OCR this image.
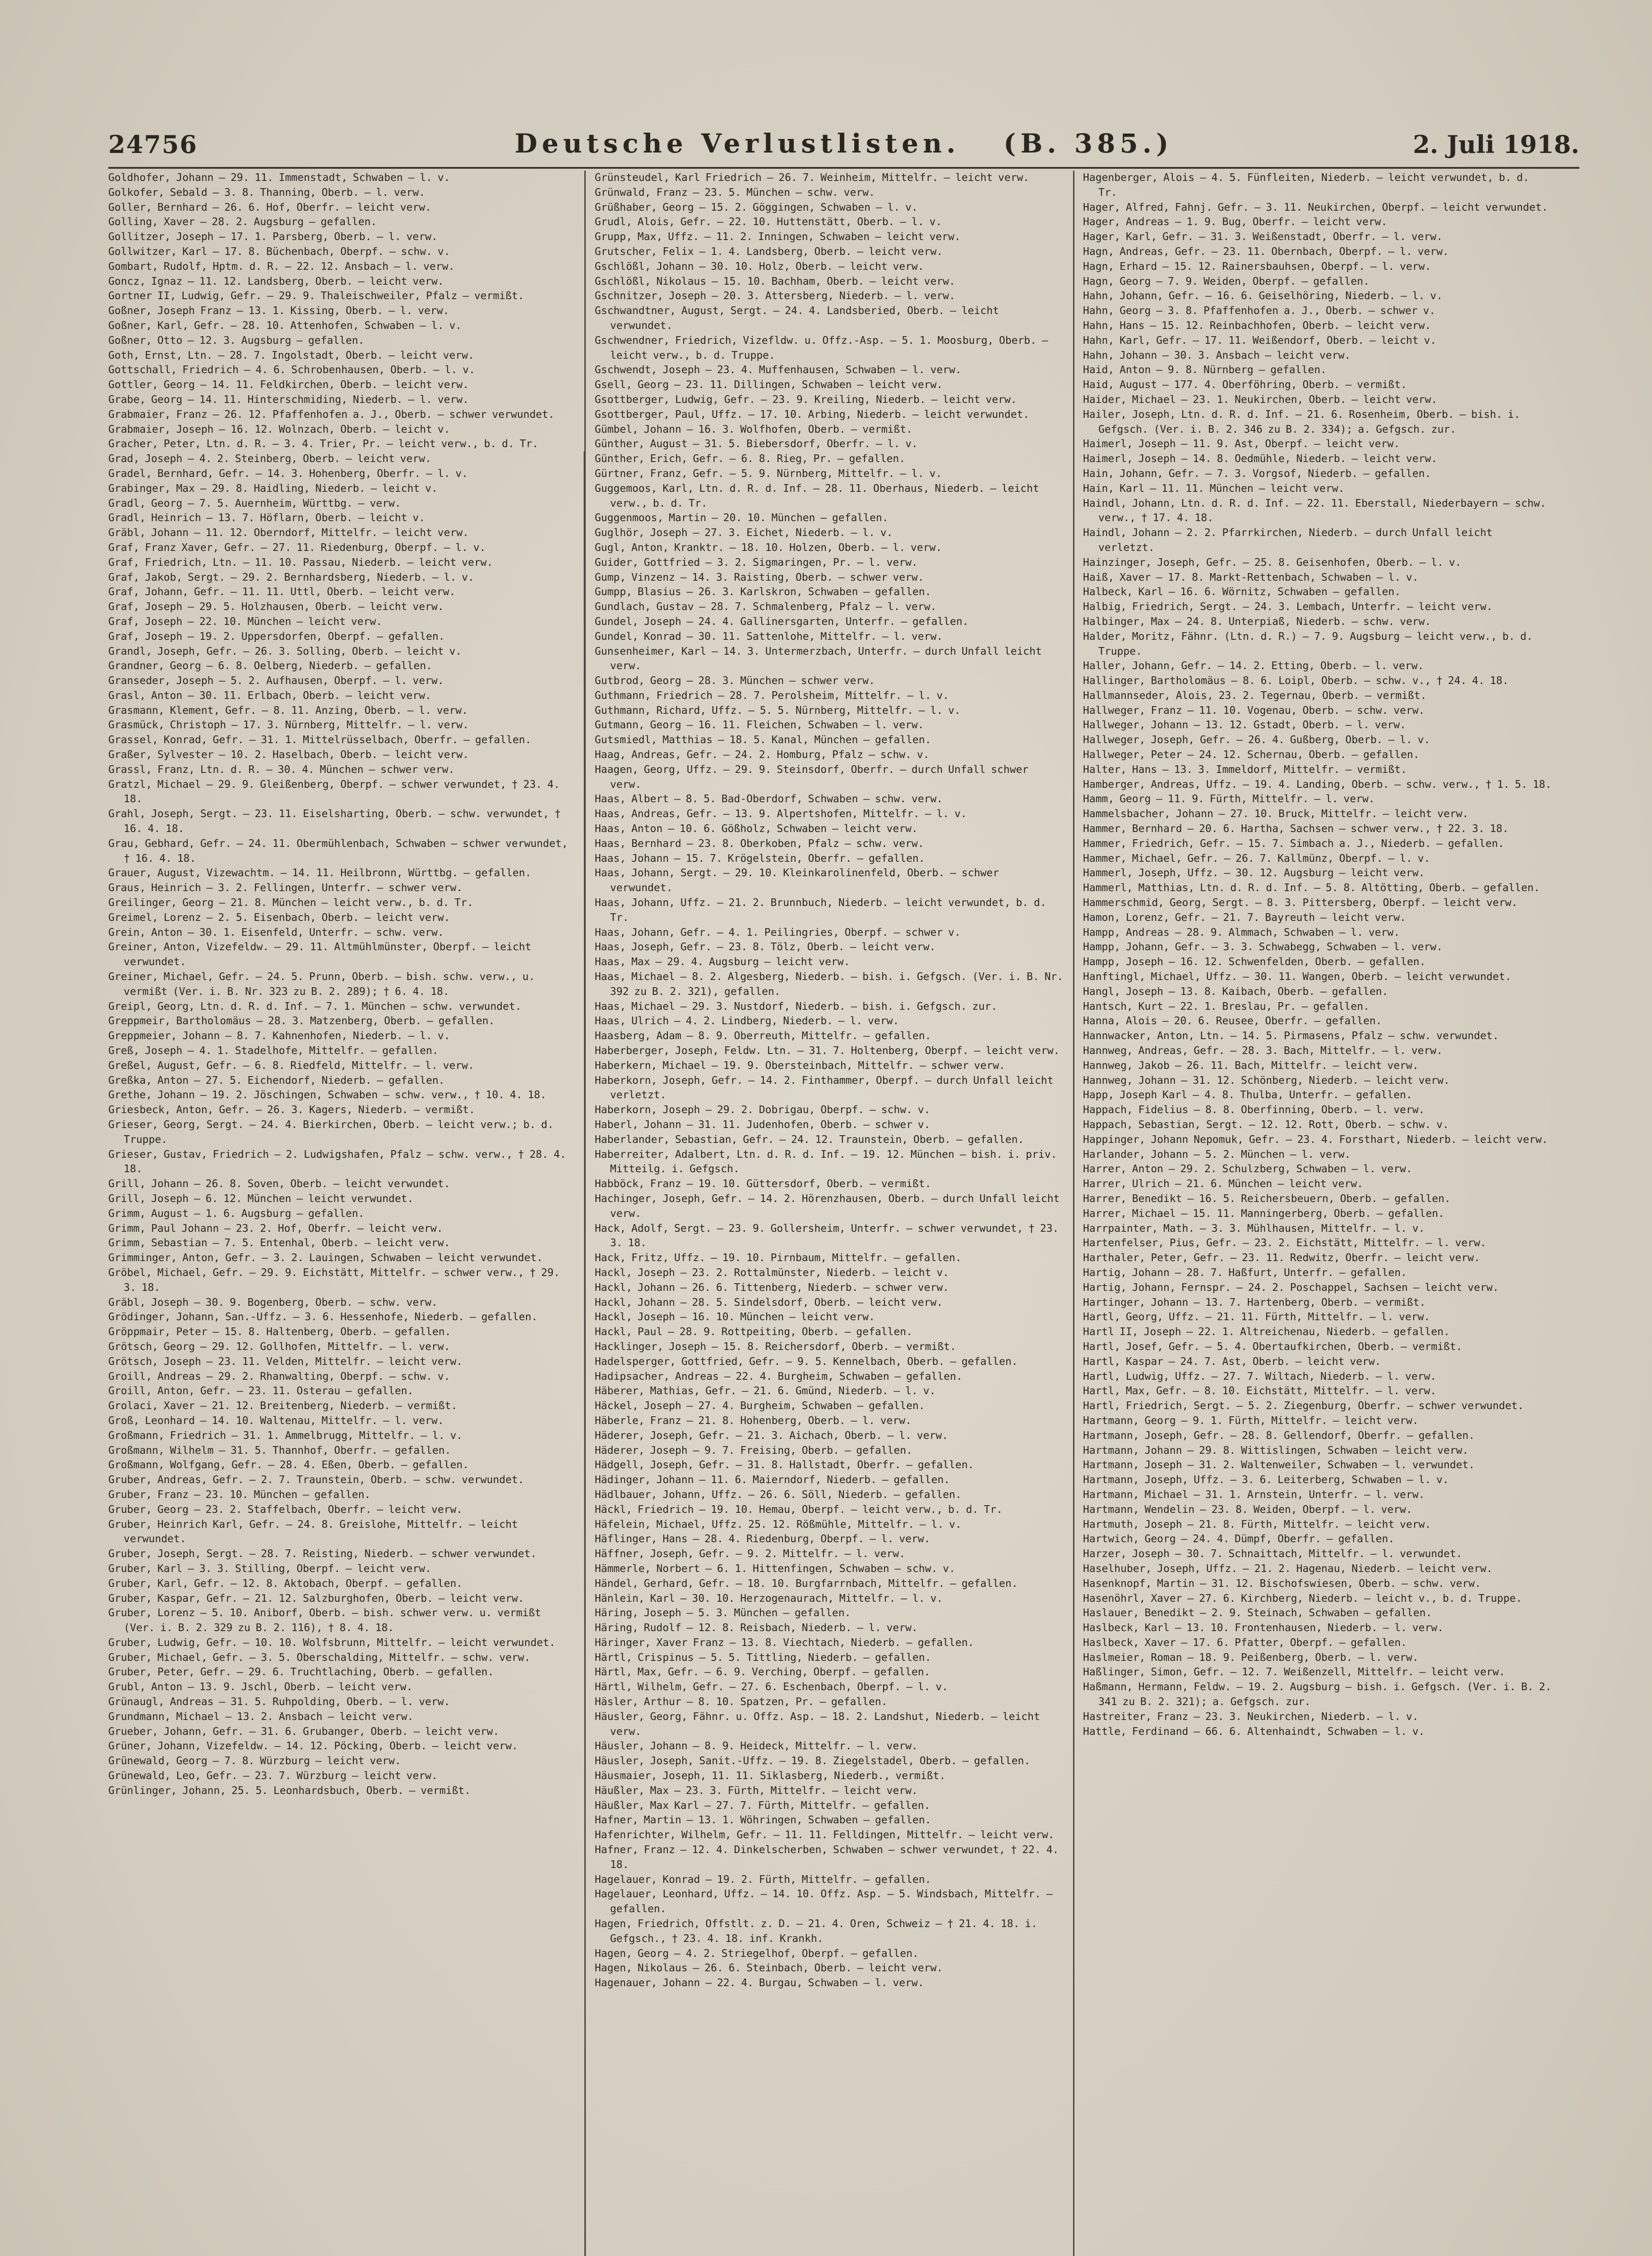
24756	Deutsche Verlustlisten. (B. 385.)	2. Juli 1918.

Goldhofer, Johann — 29. 11. Immenstadt, Schwaben — l. v.

Golkofer, Sebald — 3. 8. Thanning, Oberb. — l. verw.

Goller, Bernhard — 26. 6. Hof, Oberfr. — leicht verw.

Golling, Xaver — 28. 2. Augsburg — gefallen.

Gollitzer, Joseph — 17. 1. Parsberg, Oberb. — l. verw.

Gollwitzer, Karl — 17. 8. Büchenbach, Oberpf. — schw. v.

Gombart, Rudolf, Hptm. d. R. — 22. 12. Ansbach — l. verw.

Goncz, Ignaz — 11. 12. Landsberg, Oberb. — leicht verw.

Gortner II, Ludwig, Gefr. — 29. 9. Thaleischweiler, Pfalz — vermißt.

Goßner, Joseph Franz — 13. 1. Kissing, Oberb. — l. verw.

Goßner, Karl, Gefr. — 28. 10. Attenhofen, Schwaben — l. v.

Goßner, Otto — 12. 3. Augsburg — gefallen.

Goth, Ernst, Ltn. — 28. 7. Ingolstadt, Oberb. — leicht verw.

Gottschall, Friedrich — 4. 6. Schrobenhausen, Oberb. — l. v.

Gottler, Georg — 14. 11. Feldkirchen, Oberb. — leicht verw.

Grabe, Georg — 14. 11. Hinterschmiding, Niederb. — l. verw.

Grabmaier, Franz — 26. 12. Pfaffenhofen a. J., Oberb. — schwer verwundet.

Grabmaier, Joseph — 16. 12. Wolnzach, Oberb. — leicht v.

Gracher, Peter, Ltn. d. R. — 3. 4. Trier, Pr. — leicht verw., b. d. Tr.

Grad, Joseph — 4. 2. Steinberg, Oberb. — leicht verw.

Gradel, Bernhard, Gefr. — 14. 3. Hohenberg, Oberfr. — l. v.

Grabinger, Max — 29. 8. Haidling, Niederb. — leicht v.

Gradl, Georg — 7. 5. Auernheim, Württbg. — verw.

Gradl, Heinrich — 13. 7. Höflarn, Oberb. — leicht v.

Gräbl, Johann — 11. 12. Oberndorf, Mittelfr. — leicht verw.

Graf, Franz Xaver, Gefr. — 27. 11. Riedenburg, Oberpf. — l. v.

Graf, Friedrich, Ltn. — 11. 10. Passau, Niederb. — leicht verw.

Graf, Jakob, Sergt. — 29. 2. Bernhardsberg, Niederb. — l. v.

Graf, Johann, Gefr. — 11. 11. Uttl, Oberb. — leicht verw.

Graf, Joseph — 29. 5. Holzhausen, Oberb. — leicht verw.

Graf, Joseph — 22. 10. München — leicht verw.

Graf, Joseph — 19. 2. Uppersdorfen, Oberpf. — gefallen.

Grandl, Joseph, Gefr. — 26. 3. Solling, Oberb. — leicht v.

Grandner, Georg — 6. 8. Oelberg, Niederb. — gefallen.

Granseder, Joseph — 5. 2. Aufhausen, Oberpf. — l. verw.

Grasl, Anton — 30. 11. Erlbach, Oberb. — leicht verw.

Grasmann, Klement, Gefr. — 8. 11. Anzing, Oberb. — l. verw.

Grasmück, Christoph — 17. 3. Nürnberg, Mittelfr. — l. verw.

Grassel, Konrad, Gefr. — 31. 1. Mittelrüsselbach, Oberfr. — gefallen.

Graßer, Sylvester — 10. 2. Haselbach, Oberb. — leicht verw.

Grassl, Franz, Ltn. d. R. — 30. 4. München — schwer verw.

Gratzl, Michael — 29. 9. Gleißenberg, Oberpf. — schwer verwundet, † 23. 4. 18.

Grahl, Joseph, Sergt. — 23. 11. Eiselsharting, Oberb. — schw. verwundet, † 16. 4. 18.

Grau, Gebhard, Gefr. — 24. 11. Obermühlenbach, Schwaben — schwer verwundet, † 16. 4. 18.

Grauer, August, Vizewachtm. — 14. 11. Heilbronn, Württbg. — gefallen.

Graus, Heinrich — 3. 2. Fellingen, Unterfr. — schwer verw.

Greilinger, Georg — 21. 8. München — leicht verw., b. d. Tr.

Greimel, Lorenz — 2. 5. Eisenbach, Oberb. — leicht verw.

Grein, Anton — 30. 1. Eisenfeld, Unterfr. — schw. verw.

Greiner, Anton, Vizefeldw. — 29. 11. Altmühlmünster, Oberpf. — leicht verwundet.

Greiner, Michael, Gefr. — 24. 5. Prunn, Oberb. — bish. schw. verw., u. vermißt (Ver. i. B. Nr. 323 zu B. 2. 289); † 6. 4. 18.

Greipl, Georg, Ltn. d. R. d. Inf. — 7. 1. München — schw. verwundet.

Greppmeir, Bartholomäus — 28. 3. Matzenberg, Oberb. — gefallen.

Greppmeier, Johann — 8. 7. Kahnenhofen, Niederb. — l. v.

Greß, Joseph — 4. 1. Stadelhofe, Mittelfr. — gefallen.

Greßel, August, Gefr. — 6. 8. Riedfeld, Mittelfr. — l. verw.

Greßka, Anton — 27. 5. Eichendorf, Niederb. — gefallen.

Grethe, Johann — 19. 2. Jöschingen, Schwaben — schw. verw., † 10. 4. 18.

Griesbeck, Anton, Gefr. — 26. 3. Kagers, Niederb. — vermißt.

Grieser, Georg, Sergt. — 24. 4. Bierkirchen, Oberb. — leicht verw.; b. d. Truppe.

Grieser, Gustav, Friedrich — 2. Ludwigshafen, Pfalz — schw. verw., † 28. 4. 18.

Grill, Johann — 26. 8. Soven, Oberb. — leicht verwundet.

Grill, Joseph — 6. 12. München — leicht verwundet.

Grimm, August — 1. 6. Augsburg — gefallen.

Grimm, Paul Johann — 23. 2. Hof, Oberfr. — leicht verw.

Grimm, Sebastian — 7. 5. Entenhal, Oberb. — leicht verw.

Grimminger, Anton, Gefr. — 3. 2. Lauingen, Schwaben — leicht verwundet.

Gröbel, Michael, Gefr. — 29. 9. Eichstätt, Mittelfr. — schwer verw., † 29. 3. 18.

Gräbl, Joseph — 30. 9. Bogenberg, Oberb. — schw. verw.

Grödinger, Johann, San.-Uffz. — 3. 6. Hessenhofe, Niederb. — gefallen.

Gröppmair, Peter — 15. 8. Haltenberg, Oberb. — gefallen.

Grötsch, Georg — 29. 12. Gollhofen, Mittelfr. — l. verw.

Grötsch, Joseph — 23. 11. Velden, Mittelfr. — leicht verw.

Groill, Andreas — 29. 2. Rhanwalting, Oberpf. — schw. v.

Groill, Anton, Gefr. — 23. 11. Osterau — gefallen.

Grolaci, Xaver — 21. 12. Breitenberg, Niederb. — vermißt.

Groß, Leonhard — 14. 10. Waltenau, Mittelfr. — l. verw.

Großmann, Friedrich — 31. 1. Ammelbrugg, Mittelfr. — l. v.

Großmann, Wilhelm — 31. 5. Thannhof, Oberfr. — gefallen.

Großmann, Wolfgang, Gefr. — 28. 4. Eßen, Oberb. — gefallen.

Gruber, Andreas, Gefr. — 2. 7. Traunstein, Oberb. — schw. verwundet.

Gruber, Franz — 23. 10. München — gefallen.

Gruber, Georg — 23. 2. Staffelbach, Oberfr. — leicht verw.

Gruber, Heinrich Karl, Gefr. — 24. 8. Greislohe, Mittelfr. — leicht verwundet.

Gruber, Joseph, Sergt. — 28. 7. Reisting, Niederb. — schwer verwundet.

Gruber, Karl — 3. 3. Stilling, Oberpf. — leicht verw.

Gruber, Karl, Gefr. — 12. 8. Aktobach, Oberpf. — gefallen.

Gruber, Kaspar, Gefr. — 21. 12. Salzburghofen, Oberb. — leicht verw.

Gruber, Lorenz — 5. 10. Aniborf, Oberb. — bish. schwer verw. u. vermißt (Ver. i. B. 2. 329 zu B. 2. 116), † 8. 4. 18.

Gruber, Ludwig, Gefr. — 10. 10. Wolfsbrunn, Mittelfr. — leicht verwundet.

Gruber, Michael, Gefr. — 3. 5. Oberschalding, Mittelfr. — schw. verw.

Gruber, Peter, Gefr. — 29. 6. Truchtlaching, Oberb. — gefallen.

Grubl, Anton — 13. 9. Jschl, Oberb. — leicht verw.

Grünaugl, Andreas — 31. 5. Ruhpolding, Oberb. — l. verw.

Grundmann, Michael — 13. 2. Ansbach — leicht verw.

Grueber, Johann, Gefr. — 31. 6. Grubanger, Oberb. — leicht verw.

Grüner, Johann, Vizefeldw. — 14. 12. Pöcking, Oberb. — leicht verw.

Grünewald, Georg — 7. 8. Würzburg — leicht verw.

Grünewald, Leo, Gefr. — 23. 7. Würzburg — leicht verw.

Grünlinger, Johann, 25. 5. Leonhardsbuch, Oberb. — vermißt.

Grünsteudel, Karl Friedrich — 26. 7. Weinheim, Mittelfr. — leicht verw.

Grünwald, Franz — 23. 5. München — schw. verw.

Grüßhaber, Georg — 15. 2. Göggingen, Schwaben — l. v.

Grudl, Alois, Gefr. — 22. 10. Huttenstätt, Oberb. — l. v.

Grupp, Max, Uffz. — 11. 2. Inningen, Schwaben — leicht verw.

Grutscher, Felix — 1. 4. Landsberg, Oberb. — leicht verw.

Gschlößl, Johann — 30. 10. Holz, Oberb. — leicht verw.

Gschlößl, Nikolaus — 15. 10. Bachham, Oberb. — leicht verw.

Gschnitzer, Joseph — 20. 3. Attersberg, Niederb. — l. verw.

Gschwandtner, August, Sergt. — 24. 4. Landsberied, Oberb. — leicht verwundet.

Gschwendner, Friedrich, Vizefldw. u. Offz.-Asp. — 5. 1. Moosburg, Oberb. — leicht verw., b. d. Truppe.

Gschwendt, Joseph — 23. 4. Muffenhausen, Schwaben — l. verw.

Gsell, Georg — 23. 11. Dillingen, Schwaben — leicht verw.

Gsottberger, Ludwig, Gefr. — 23. 9. Kreiling, Niederb. — leicht verw.

Gsottberger, Paul, Uffz. — 17. 10. Arbing, Niederb. — leicht verwundet.

Gümbel, Johann — 16. 3. Wolfhofen, Oberb. — vermißt.

Günther, August — 31. 5. Biebersdorf, Oberfr. — l. v.

Günther, Erich, Gefr. — 6. 8. Rieg, Pr. — gefallen.

Gürtner, Franz, Gefr. — 5. 9. Nürnberg, Mittelfr. — l. v.

Guggemoos, Karl, Ltn. d. R. d. Inf. — 28. 11. Oberhaus, Niederb. — leicht verw., b. d. Tr.

Guggenmoos, Martin — 20. 10. München — gefallen.

Guglhör, Joseph — 27. 3. Eichet, Niederb. — l. v.

Gugl, Anton, Kranktr. — 18. 10. Holzen, Oberb. — l. verw.

Guider, Gottfried — 3. 2. Sigmaringen, Pr. — l. verw.

Gump, Vinzenz — 14. 3. Raisting, Oberb. — schwer verw.

Gumpp, Blasius — 26. 3. Karlskron, Schwaben — gefallen.

Gundlach, Gustav — 28. 7. Schmalenberg, Pfalz — l. verw.

Gundel, Joseph — 24. 4. Gallinersgarten, Unterfr. — gefallen.

Gundel, Konrad — 30. 11. Sattenlohe, Mittelfr. — l. verw.

Gunsenheimer, Karl — 14. 3. Untermerzbach, Unterfr. — durch Unfall leicht verw.

Gutbrod, Georg — 28. 3. München — schwer verw.

Guthmann, Friedrich — 28. 7. Perolsheim, Mittelfr. — l. v.

Guthmann, Richard, Uffz. — 5. 5. Nürnberg, Mittelfr. — l. v.

Gutmann, Georg — 16. 11. Fleichen, Schwaben — l. verw.

Gutsmiedl, Matthias — 18. 5. Kanal, München — gefallen.

Haag, Andreas, Gefr. — 24. 2. Homburg, Pfalz — schw. v.

Haagen, Georg, Uffz. — 29. 9. Steinsdorf, Oberfr. — durch Unfall schwer verw.

Haas, Albert — 8. 5. Bad-Oberdorf, Schwaben — schw. verw.

Haas, Andreas, Gefr. — 13. 9. Alpertshofen, Mittelfr. — l. v.

Haas, Anton — 10. 6. Gößholz, Schwaben — leicht verw.

Haas, Bernhard — 23. 8. Oberkoben, Pfalz — schw. verw.

Haas, Johann — 15. 7. Krögelstein, Oberfr. — gefallen.

Haas, Johann, Sergt. — 29. 10. Kleinkarolinenfeld, Oberb. — schwer verwundet.

Haas, Johann, Uffz. — 21. 2. Brunnbuch, Niederb. — leicht verwundet, b. d. Tr.

Haas, Johann, Gefr. — 4. 1. Peilingries, Oberpf. — schwer v.

Haas, Joseph, Gefr. — 23. 8. Tölz, Oberb. — leicht verw.

Haas, Max — 29. 4. Augsburg — leicht verw.

Haas, Michael — 8. 2. Algesberg, Niederb. — bish. i. Gefgsch. (Ver. i. B. Nr. 392 zu B. 2. 321), gefallen.

Haas, Michael — 29. 3. Nustdorf, Niederb. — bish. i. Gefgsch. zur.

Haas, Ulrich — 4. 2. Lindberg, Niederb. — l. verw.

Haasberg, Adam — 8. 9. Oberreuth, Mittelfr. — gefallen.

Haberberger, Joseph, Feldw. Ltn. — 31. 7. Holtenberg, Oberpf. — leicht verw.

Haberkern, Michael — 19. 9. Obersteinbach, Mittelfr. — schwer verw.

Haberkorn, Joseph, Gefr. — 14. 2. Finthammer, Oberpf. — durch Unfall leicht verletzt.

Haberkorn, Joseph — 29. 2. Dobrigau, Oberpf. — schw. v.

Haberl, Johann — 31. 11. Judenhofen, Oberb. — schwer v.

Haberlander, Sebastian, Gefr. — 24. 12. Traunstein, Oberb. — gefallen.

Haberreiter, Adalbert, Ltn. d. R. d. Inf. — 19. 12. München — bish. i. priv. Mitteilg. i. Gefgsch.

Habböck, Franz — 19. 10. Güttersdorf, Oberb. — vermißt.

Hachinger, Joseph, Gefr. — 14. 2. Hörenzhausen, Oberb. — durch Unfall leicht verw.

Hack, Adolf, Sergt. — 23. 9. Gollersheim, Unterfr. — schwer verwundet, † 23. 3. 18.

Hack, Fritz, Uffz. — 19. 10. Pirnbaum, Mittelfr. — gefallen.

Hackl, Joseph — 23. 2. Rottalmünster, Niederb. — leicht v.

Hackl, Johann — 26. 6. Tittenberg, Niederb. — schwer verw.

Hackl, Johann — 28. 5. Sindelsdorf, Oberb. — leicht verw.

Hackl, Joseph — 16. 10. München — leicht verw.

Hackl, Paul — 28. 9. Rottpeiting, Oberb. — gefallen.

Hacklinger, Joseph — 15. 8. Reichersdorf, Oberb. — vermißt.

Hadelsperger, Gottfried, Gefr. — 9. 5. Kennelbach, Oberb. — gefallen.

Hadipsacher, Andreas — 22. 4. Burgheim, Schwaben — gefallen.

Häberer, Mathias, Gefr. — 21. 6. Gmünd, Niederb. — l. v.

Häckel, Joseph — 27. 4. Burgheim, Schwaben — gefallen.

Häberle, Franz — 21. 8. Hohenberg, Oberb. — l. verw.

Häderer, Joseph, Gefr. — 21. 3. Aichach, Oberb. — l. verw.

Häderer, Joseph — 9. 7. Freising, Oberb. — gefallen.

Hädgell, Joseph, Gefr. — 31. 8. Hallstadt, Oberfr. — gefallen.

Hädinger, Johann — 11. 6. Maierndorf, Niederb. — gefallen.

Hädlbauer, Johann, Uffz. — 26. 6. Söll, Niederb. — gefallen.

Häckl, Friedrich — 19. 10. Hemau, Oberpf. — leicht verw., b. d. Tr.

Häfelein, Michael, Uffz. 25. 12. Rößmühle, Mittelfr. — l. v.

Häflinger, Hans — 28. 4. Riedenburg, Oberpf. — l. verw.

Häffner, Joseph, Gefr. — 9. 2. Mittelfr. — l. verw.

Hämmerle, Norbert — 6. 1. Hittenfingen, Schwaben — schw. v.

Händel, Gerhard, Gefr. — 18. 10. Burgfarrnbach, Mittelfr. — gefallen.

Hänlein, Karl — 30. 10. Herzogenaurach, Mittelfr. — l. v.

Häring, Joseph — 5. 3. München — gefallen.

Häring, Rudolf — 12. 8. Reisbach, Niederb. — l. verw.

Häringer, Xaver Franz — 13. 8. Viechtach, Niederb. — gefallen.

Härtl, Crispinus — 5. 5. Tittling, Niederb. — gefallen.

Härtl, Max, Gefr. — 6. 9. Verching, Oberpf. — gefallen.

Härtl, Wilhelm, Gefr. — 27. 6. Eschenbach, Oberpf. — l. v.

Häsler, Arthur — 8. 10. Spatzen, Pr. — gefallen.

Häusler, Georg, Fähnr. u. Offz. Asp. — 18. 2. Landshut, Niederb. — leicht verw.

Häusler, Johann — 8. 9. Heideck, Mittelfr. — l. verw.

Häusler, Joseph, Sanit.-Uffz. — 19. 8. Ziegelstadel, Oberb. — gefallen.

Häusmaier, Joseph, 11. 11. Siklasberg, Niederb., vermißt.

Häußler, Max — 23. 3. Fürth, Mittelfr. — leicht verw.

Häußler, Max Karl — 27. 7. Fürth, Mittelfr. — gefallen.

Hafner, Martin — 13. 1. Wöhringen, Schwaben — gefallen.

Hafenrichter, Wilhelm, Gefr. — 11. 11. Felldingen, Mittelfr. — leicht verw.

Hafner, Franz — 12. 4. Dinkelscherben, Schwaben — schwer verwundet, † 22. 4. 18.

Hagelauer, Konrad — 19. 2. Fürth, Mittelfr. — gefallen.

Hagelauer, Leonhard, Uffz. — 14. 10. Offz. Asp. — 5. Windsbach, Mittelfr. — gefallen.

Hagen, Friedrich, Offstlt. z. D. — 21. 4. Oren, Schweiz — † 21. 4. 18. i. Gefgsch., † 23. 4. 18. inf. Krankh.

Hagen, Georg — 4. 2. Striegelhof, Oberpf. — gefallen.

Hagen, Nikolaus — 26. 6. Steinbach, Oberb. — leicht verw.

Hagenauer, Johann — 22. 4. Burgau, Schwaben — l. verw.

Hagenberger, Alois — 4. 5. Fünfleiten, Niederb. — leicht verwundet, b. d. Tr.

Hager, Alfred, Fahnj. Gefr. — 3. 11. Neukirchen, Oberpf. — leicht verwundet.

Hager, Andreas — 1. 9. Bug, Oberfr. — leicht verw.

Hager, Karl, Gefr. — 31. 3. Weißenstadt, Oberfr. — l. verw.

Hagn, Andreas, Gefr. — 23. 11. Obernbach, Oberpf. — l. verw.

Hagn, Erhard — 15. 12. Rainersbauhsen, Oberpf. — l. verw.

Hagn, Georg — 7. 9. Weiden, Oberpf. — gefallen.

Hahn, Johann, Gefr. — 16. 6. Geiselhöring, Niederb. — l. v.

Hahn, Georg — 3. 8. Pfaffenhofen a. J., Oberb. — schwer v.

Hahn, Hans — 15. 12. Reinbachhofen, Oberb. — leicht verw.

Hahn, Karl, Gefr. — 17. 11. Weißendorf, Oberb. — leicht v.

Hahn, Johann — 30. 3. Ansbach — leicht verw.

Haid, Anton — 9. 8. Nürnberg — gefallen.

Haid, August — 177. 4. Oberföhring, Oberb. — vermißt.

Haider, Michael — 23. 1. Neukirchen, Oberb. — leicht verw.

Hailer, Joseph, Ltn. d. R. d. Inf. — 21. 6. Rosenheim, Oberb. — bish. i. Gefgsch. (Ver. i. B. 2. 346 zu B. 2. 334); a. Gefgsch. zur.

Haimerl, Joseph — 11. 9. Ast, Oberpf. — leicht verw.

Haimerl, Joseph — 14. 8. Oedmühle, Niederb. — leicht verw.

Hain, Johann, Gefr. — 7. 3. Vorgsof, Niederb. — gefallen.

Hain, Karl — 11. 11. München — leicht verw.

Haindl, Johann, Ltn. d. R. d. Inf. — 22. 11. Eberstall, Niederbayern — schw. verw., † 17. 4. 18.

Haindl, Johann — 2. 2. Pfarrkirchen, Niederb. — durch Unfall leicht verletzt.

Hainzinger, Joseph, Gefr. — 25. 8. Geisenhofen, Oberb. — l. v.

Haiß, Xaver — 17. 8. Markt-Rettenbach, Schwaben — l. v.

Halbeck, Karl — 16. 6. Wörnitz, Schwaben — gefallen.

Halbig, Friedrich, Sergt. — 24. 3. Lembach, Unterfr. — leicht verw.

Halbinger, Max — 24. 8. Unterpiaß, Niederb. — schw. verw.

Halder, Moritz, Fähnr. (Ltn. d. R.) — 7. 9. Augsburg — leicht verw., b. d. Truppe.

Haller, Johann, Gefr. — 14. 2. Etting, Oberb. — l. verw.

Hallinger, Bartholomäus — 8. 6. Loipl, Oberb. — schw. v., † 24. 4. 18.

Hallmannseder, Alois, 23. 2. Tegernau, Oberb. — vermißt.

Hallweger, Franz — 11. 10. Vogenau, Oberb. — schw. verw.

Hallweger, Johann — 13. 12. Gstadt, Oberb. — l. verw.

Hallweger, Joseph, Gefr. — 26. 4. Gußberg, Oberb. — l. v.

Hallweger, Peter — 24. 12. Schernau, Oberb. — gefallen.

Halter, Hans — 13. 3. Immeldorf, Mittelfr. — vermißt.

Hamberger, Andreas, Uffz. — 19. 4. Landing, Oberb. — schw. verw., † 1. 5. 18.

Hamm, Georg — 11. 9. Fürth, Mittelfr. — l. verw.

Hammelsbacher, Johann — 27. 10. Bruck, Mittelfr. — leicht verw.

Hammer, Bernhard — 20. 6. Hartha, Sachsen — schwer verw., † 22. 3. 18.

Hammer, Friedrich, Gefr. — 15. 7. Simbach a. J., Niederb. — gefallen.

Hammer, Michael, Gefr. — 26. 7. Kallmünz, Oberpf. — l. v.

Hammerl, Joseph, Uffz. — 30. 12. Augsburg — leicht verw.

Hammerl, Matthias, Ltn. d. R. d. Inf. — 5. 8. Altötting, Oberb. — gefallen.

Hammerschmid, Georg, Sergt. — 8. 3. Pittersberg, Oberpf. — leicht verw.

Hamon, Lorenz, Gefr. — 21. 7. Bayreuth — leicht verw.

Hampp, Andreas — 28. 9. Almmach, Schwaben — l. verw.

Hampp, Johann, Gefr. — 3. 3. Schwabegg, Schwaben — l. verw.

Hampp, Joseph — 16. 12. Schwenfelden, Oberb. — gefallen.

Hanftingl, Michael, Uffz. — 30. 11. Wangen, Oberb. — leicht verwundet.

Hangl, Joseph — 13. 8. Kaibach, Oberb. — gefallen.

Hantsch, Kurt — 22. 1. Breslau, Pr. — gefallen.

Hanna, Alois — 20. 6. Reusee, Oberfr. — gefallen.

Hannwacker, Anton, Ltn. — 14. 5. Pirmasens, Pfalz — schw. verwundet.

Hannweg, Andreas, Gefr. — 28. 3. Bach, Mittelfr. — l. verw.

Hannweg, Jakob — 26. 11. Bach, Mittelfr. — leicht verw.

Hannweg, Johann — 31. 12. Schönberg, Niederb. — leicht verw.

Happ, Joseph Karl — 4. 8. Thulba, Unterfr. — gefallen.

Happach, Fidelius — 8. 8. Oberfinning, Oberb. — l. verw.

Happach, Sebastian, Sergt. — 12. 12. Rott, Oberb. — schw. v.

Happinger, Johann Nepomuk, Gefr. — 23. 4. Forsthart, Niederb. — leicht verw.

Harlander, Johann — 5. 2. München — l. verw.

Harrer, Anton — 29. 2. Schulzberg, Schwaben — l. verw.

Harrer, Ulrich — 21. 6. München — leicht verw.

Harrer, Benedikt — 16. 5. Reichersbeuern, Oberb. — gefallen.

Harrer, Michael — 15. 11. Manningerberg, Oberb. — gefallen.

Harrpainter, Math. — 3. 3. Mühlhausen, Mittelfr. — l. v.

Hartenfelser, Pius, Gefr. — 23. 2. Eichstätt, Mittelfr. — l. verw.

Harthaler, Peter, Gefr. — 23. 11. Redwitz, Oberfr. — leicht verw.

Hartig, Johann — 28. 7. Haßfurt, Unterfr. — gefallen.

Hartig, Johann, Fernspr. — 24. 2. Poschappel, Sachsen — leicht verw.

Hartinger, Johann — 13. 7. Hartenberg, Oberb. — vermißt.

Hartl, Georg, Uffz. — 21. 11. Fürth, Mittelfr. — l. verw.

Hartl II, Joseph — 22. 1. Altreichenau, Niederb. — gefallen.

Hartl, Josef, Gefr. — 5. 4. Obertaufkirchen, Oberb. — vermißt.

Hartl, Kaspar — 24. 7. Ast, Oberb. — leicht verw.

Hartl, Ludwig, Uffz. — 27. 7. Wiltach, Niederb. — l. verw.

Hartl, Max, Gefr. — 8. 10. Eichstätt, Mittelfr. — l. verw.

Hartl, Friedrich, Sergt. — 5. 2. Ziegenburg, Oberfr. — schwer verwundet.

Hartmann, Georg — 9. 1. Fürth, Mittelfr. — leicht verw.

Hartmann, Joseph, Gefr. — 28. 8. Gellendorf, Oberfr. — gefallen.

Hartmann, Johann — 29. 8. Wittislingen, Schwaben — leicht verw.

Hartmann, Joseph — 31. 2. Waltenweiler, Schwaben — l. verwundet.

Hartmann, Joseph, Uffz. — 3. 6. Leiterberg, Schwaben — l. v.

Hartmann, Michael — 31. 1. Arnstein, Unterfr. — l. verw.

Hartmann, Wendelin — 23. 8. Weiden, Oberpf. — l. verw.

Hartmuth, Joseph — 21. 8. Fürth, Mittelfr. — leicht verw.

Hartwich, Georg — 24. 4. Dümpf, Oberfr. — gefallen.

Harzer, Joseph — 30. 7. Schnaittach, Mittelfr. — l. verwundet.

Haselhuber, Joseph, Uffz. — 21. 2. Hagenau, Niederb. — leicht verw.

Hasenknopf, Martin — 31. 12. Bischofswiesen, Oberb. — schw. verw.

Hasenöhrl, Xaver — 27. 6. Kirchberg, Niederb. — leicht v., b. d. Truppe.

Haslauer, Benedikt — 2. 9. Steinach, Schwaben — gefallen.

Haslbeck, Karl — 13. 10. Frontenhausen, Niederb. — l. verw.

Haslbeck, Xaver — 17. 6. Pfatter, Oberpf. — gefallen.

Haslmeier, Roman — 18. 9. Peißenberg, Oberb. — l. verw.

Haßlinger, Simon, Gefr. — 12. 7. Weißenzell, Mittelfr. — leicht verw.

Haßmann, Hermann, Feldw. — 19. 2. Augsburg — bish. i. Gefgsch. (Ver. i. B. 2. 341 zu B. 2. 321); a. Gefgsch. zur.

Hastreiter, Franz — 23. 3. Neukirchen, Niederb. — l. v.

Hattle, Ferdinand — 66. 6. Altenhaindt, Schwaben — l. v.
